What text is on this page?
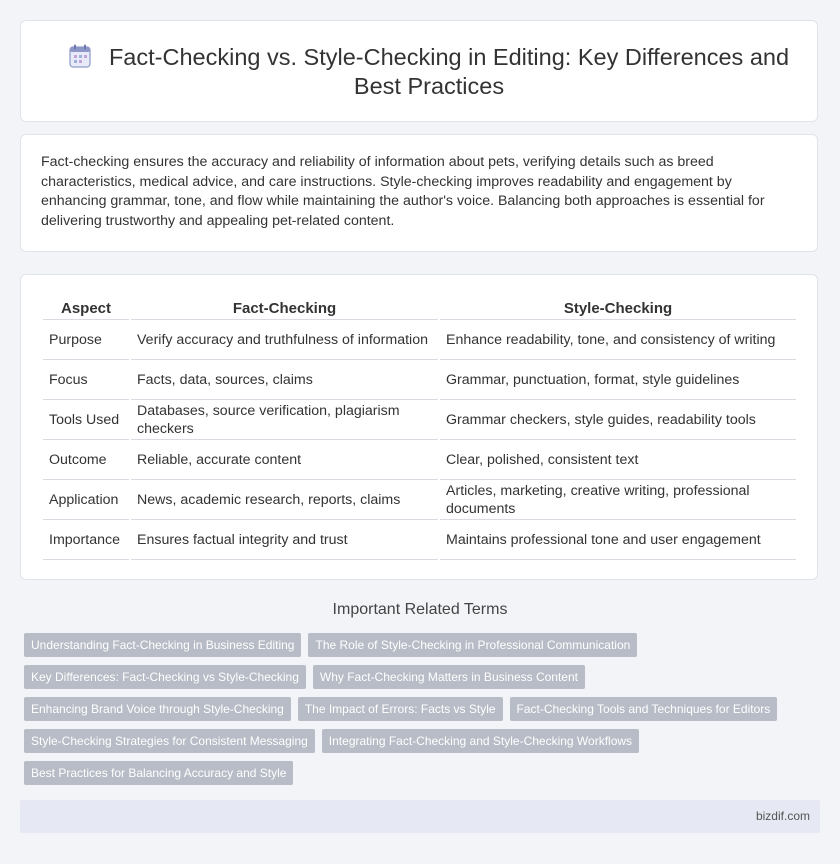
Fact-Checking vs. Style-Checking in Editing: Key Differences and Best Practices

Fact-checking ensures the accuracy and reliability of information about pets, verifying details such as breed characteristics, medical advice, and care instructions. Style-checking improves readability and engagement by enhancing grammar, tone, and flow while maintaining the author's voice. Balancing both approaches is essential for delivering trustworthy and appealing pet-related content.

Aspect	Fact-Checking	Style-Checking
Purpose	Verify accuracy and truthfulness of information	Enhance readability, tone, and consistency of writing
Focus	Facts, data, sources, claims	Grammar, punctuation, format, style guidelines
Tools Used	Databases, source verification, plagiarism checkers	Grammar checkers, style guides, readability tools
Outcome	Reliable, accurate content	Clear, polished, consistent text
Application	News, academic research, reports, claims	Articles, marketing, creative writing, professional documents
Importance	Ensures factual integrity and trust	Maintains professional tone and user engagement
Important Related Terms
Understanding Fact-Checking in Business Editing	The Role of Style-Checking in Professional Communication
Key Differences: Fact-Checking vs Style-Checking	Why Fact-Checking Matters in Business Content
Enhancing Brand Voice through Style-Checking	The Impact of Errors: Facts vs Style	Fact-Checking Tools and Techniques for Editors
Style-Checking Strategies for Consistent Messaging	Integrating Fact-Checking and Style-Checking Workflows
Best Practices for Balancing Accuracy and Style
bizdif.com
